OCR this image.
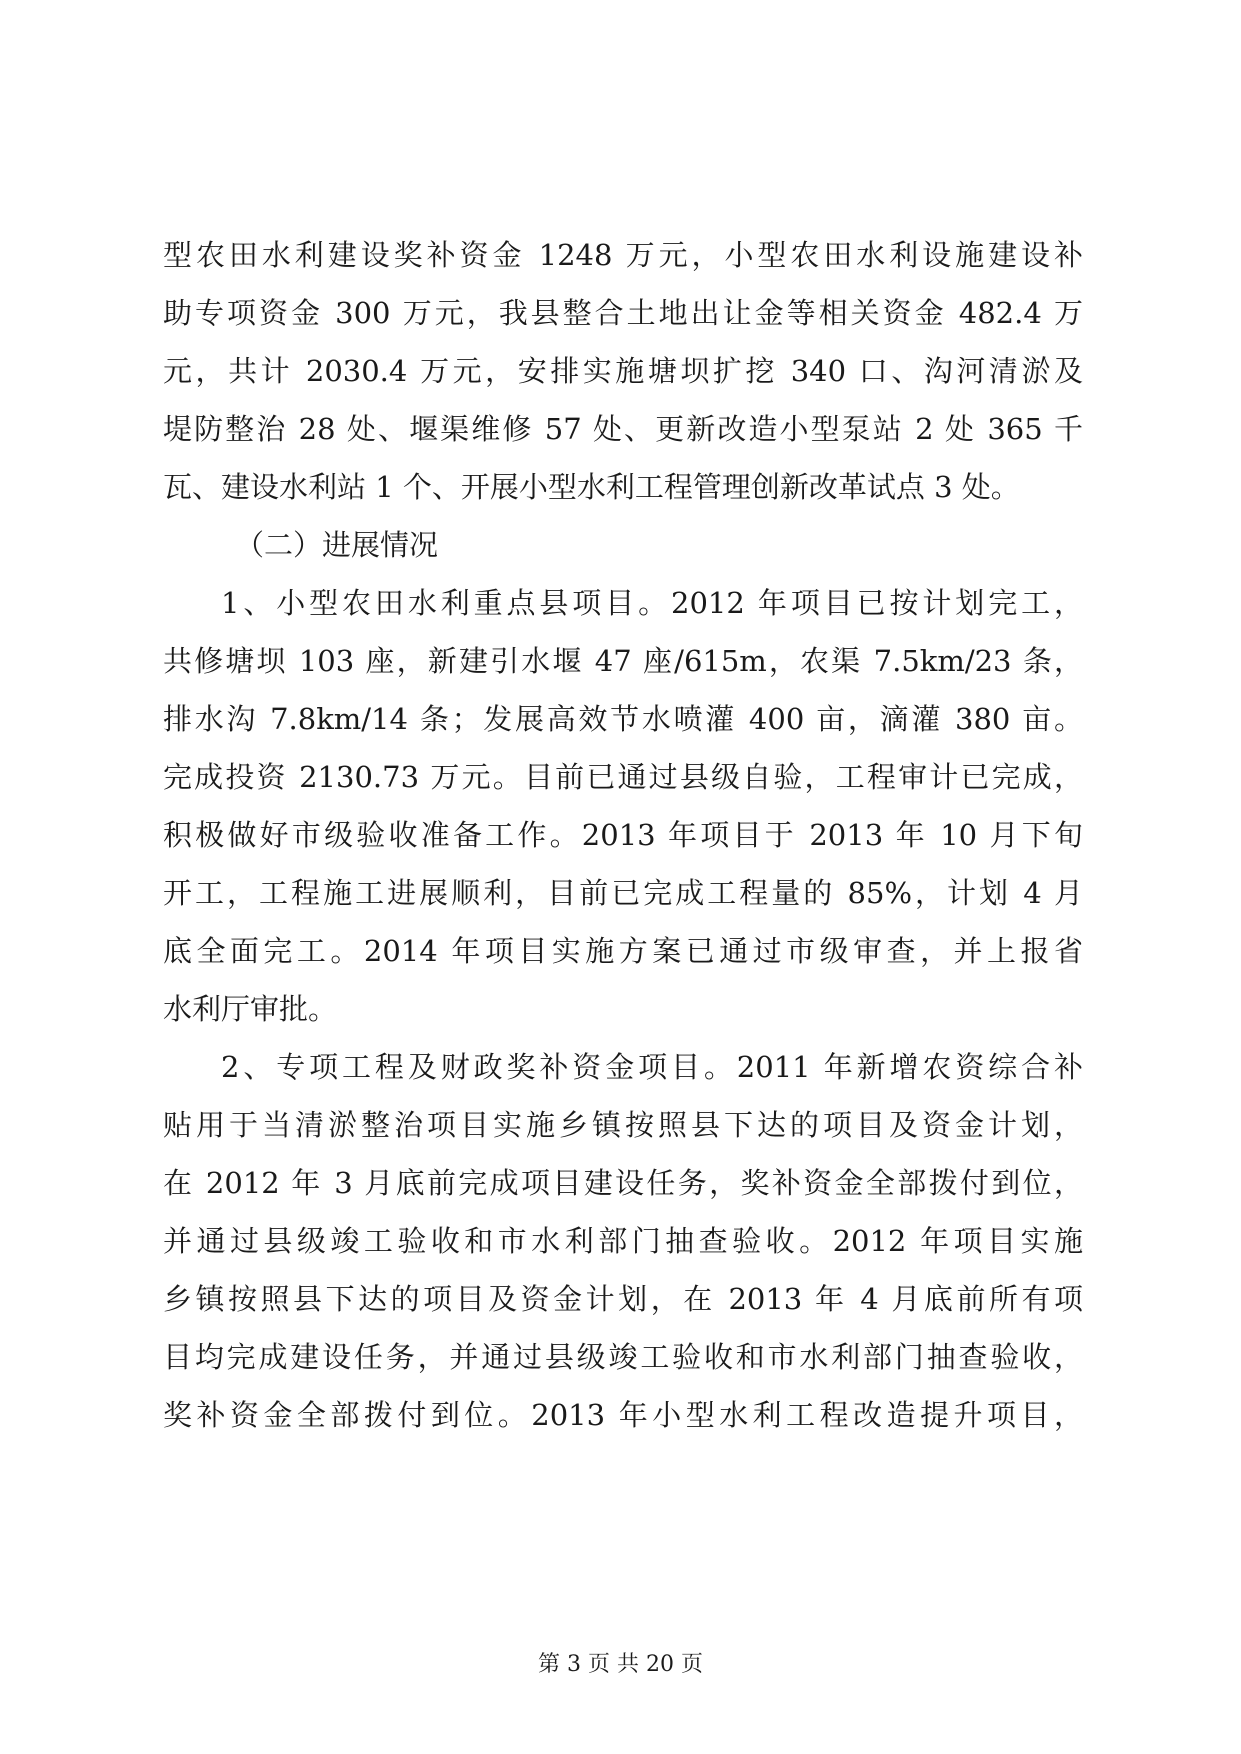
型农田水利建设奖补资金 1248 万元，小型农田水利设施建设补
助专项资金 300 万元，我县整合土地出让金等相关资金 482.4 万
元，共计 2030.4 万元，安排实施塘坝扩挖 340 口、沟河清淤及
堤防整治 28 处、堰渠维修 57 处、更新改造小型泵站 2 处 365 千
瓦、建设水利站 1 个、开展小型水利工程管理创新改革试点 3 处。
（二）进展情况
1、小型农田水利重点县项目。2012 年项目已按计划完工，
共修塘坝 103 座，新建引水堰 47 座/615m，农渠 7.5km/23 条，
排水沟 7.8km/14 条；发展高效节水喷灌 400 亩，滴灌 380 亩。
完成投资 2130.73 万元。目前已通过县级自验，工程审计已完成，
积极做好市级验收准备工作。2013 年项目于 2013 年 10 月下旬
开工，工程施工进展顺利，目前已完成工程量的 85%，计划 4 月
底全面完工。2014 年项目实施方案已通过市级审查，并上报省
水利厅审批。
2、专项工程及财政奖补资金项目。2011 年新增农资综合补
贴用于当清淤整治项目实施乡镇按照县下达的项目及资金计划，
在 2012 年 3 月底前完成项目建设任务，奖补资金全部拨付到位，
并通过县级竣工验收和市水利部门抽查验收。2012 年项目实施
乡镇按照县下达的项目及资金计划，在 2013 年 4 月底前所有项
目均完成建设任务，并通过县级竣工验收和市水利部门抽查验收，
奖补资金全部拨付到位。2013 年小型水利工程改造提升项目，
第 3 页 共 20 页
